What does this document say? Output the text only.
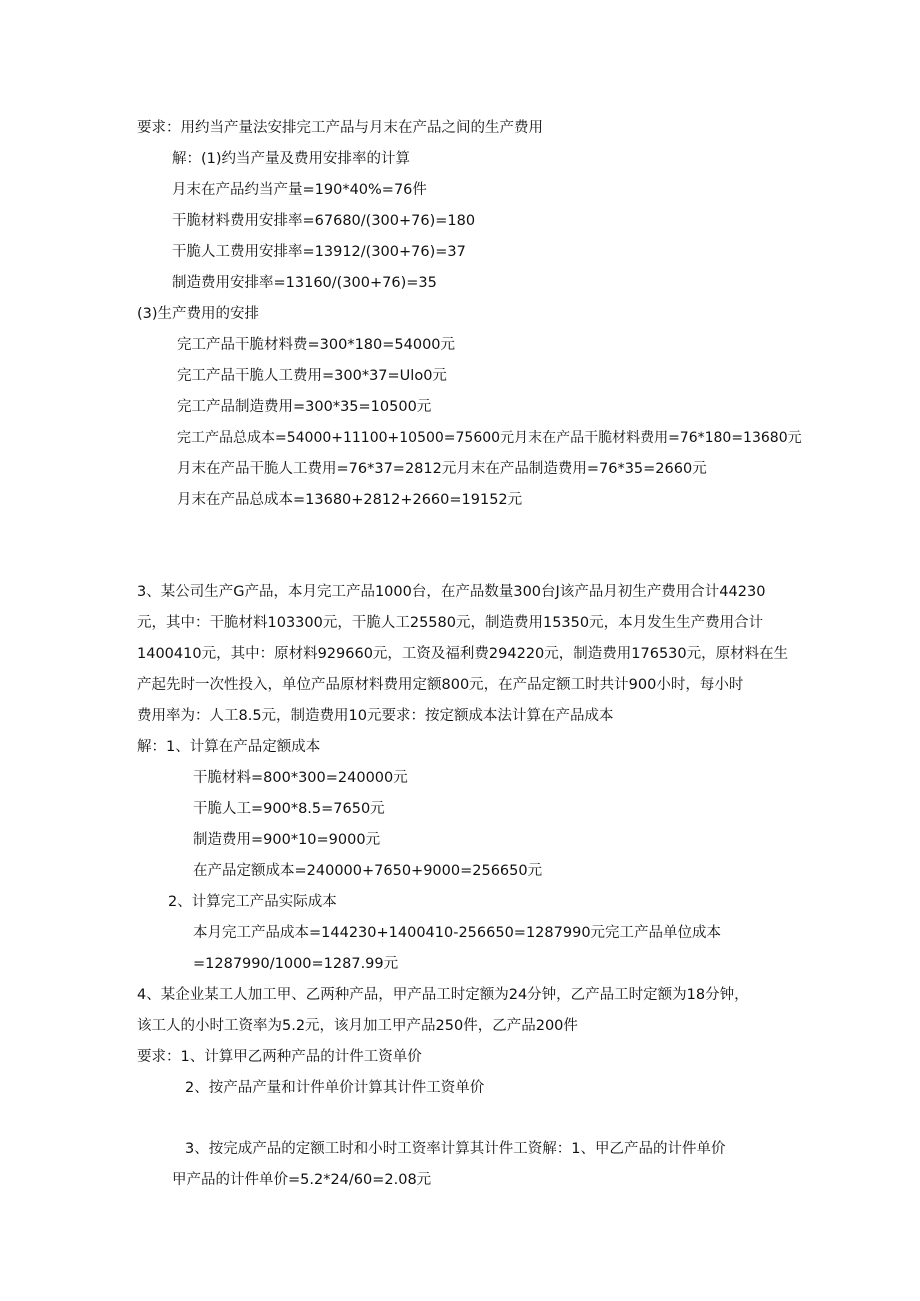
要求：用约当产量法安排完工产品与月末在产品之间的生产费用

解：(1)约当产量及费用安排率的计算

月末在产品约当产量=190*40%=76件

干脆材料费用安排率=67680/(300+76)=180

干脆人工费用安排率=13912/(300+76)=37

制造费用安排率=13160/(300+76)=35

(3)生产费用的安排

完工产品干脆材料费=300*180=54000元

完工产品干脆人工费用=300*37=Ulo0元

完工产品制造费用=300*35=10500元

完工产品总成本=54000+11100+10500=75600元月末在产品干脆材料费用=76*180=13680元

月末在产品干脆人工费用=76*37=2812元月末在产品制造费用=76*35=2660元

月末在产品总成本=13680+2812+2660=19152元

3、某公司生产G产品，本月完工产品1000台，在产品数量300台J该产品月初生产费用合计44230

元，其中：干脆材料103300元，干脆人工25580元，制造费用15350元，本月发生生产费用合计

1400410元，其中：原材料929660元，工资及福利费294220元，制造费用176530元，原材料在生

产起先时一次性投入，单位产品原材料费用定额800元，在产品定额工时共计900小时，每小时

费用率为：人工8.5元，制造费用10元要求：按定额成本法计算在产品成本

解：1、计算在产品定额成本

干脆材料=800*300=240000元

干脆人工=900*8.5=7650元

制造费用=900*10=9000元

在产品定额成本=240000+7650+9000=256650元

2、计算完工产品实际成本

本月完工产品成本=144230+1400410-256650=1287990元完工产品单位成本

=1287990/1000=1287.99元

4、某企业某工人加工甲、乙两种产品，甲产品工时定额为24分钟，乙产品工时定额为18分钟，

该工人的小时工资率为5.2元，该月加工甲产品250件，乙产品200件

要求：1、计算甲乙两种产品的计件工资单价

2、按产品产量和计件单价计算其计件工资单价

3、按完成产品的定额工时和小时工资率计算其计件工资解：1、甲乙产品的计件单价

甲产品的计件单价=5.2*24/60=2.08元
